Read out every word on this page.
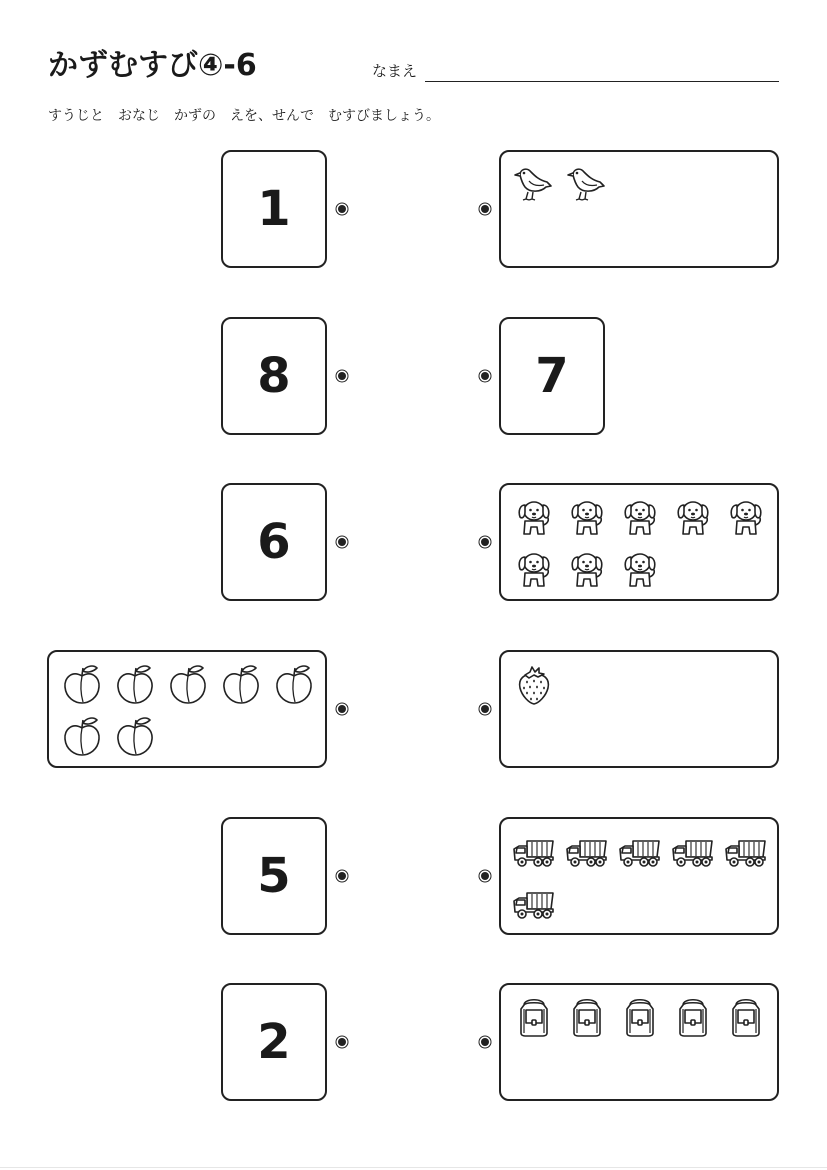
かずむすび④-6	なまえ
すうじと　おなじ　かずの　えを、せんで　むすびましょう。
1
8
6
5
2
7
